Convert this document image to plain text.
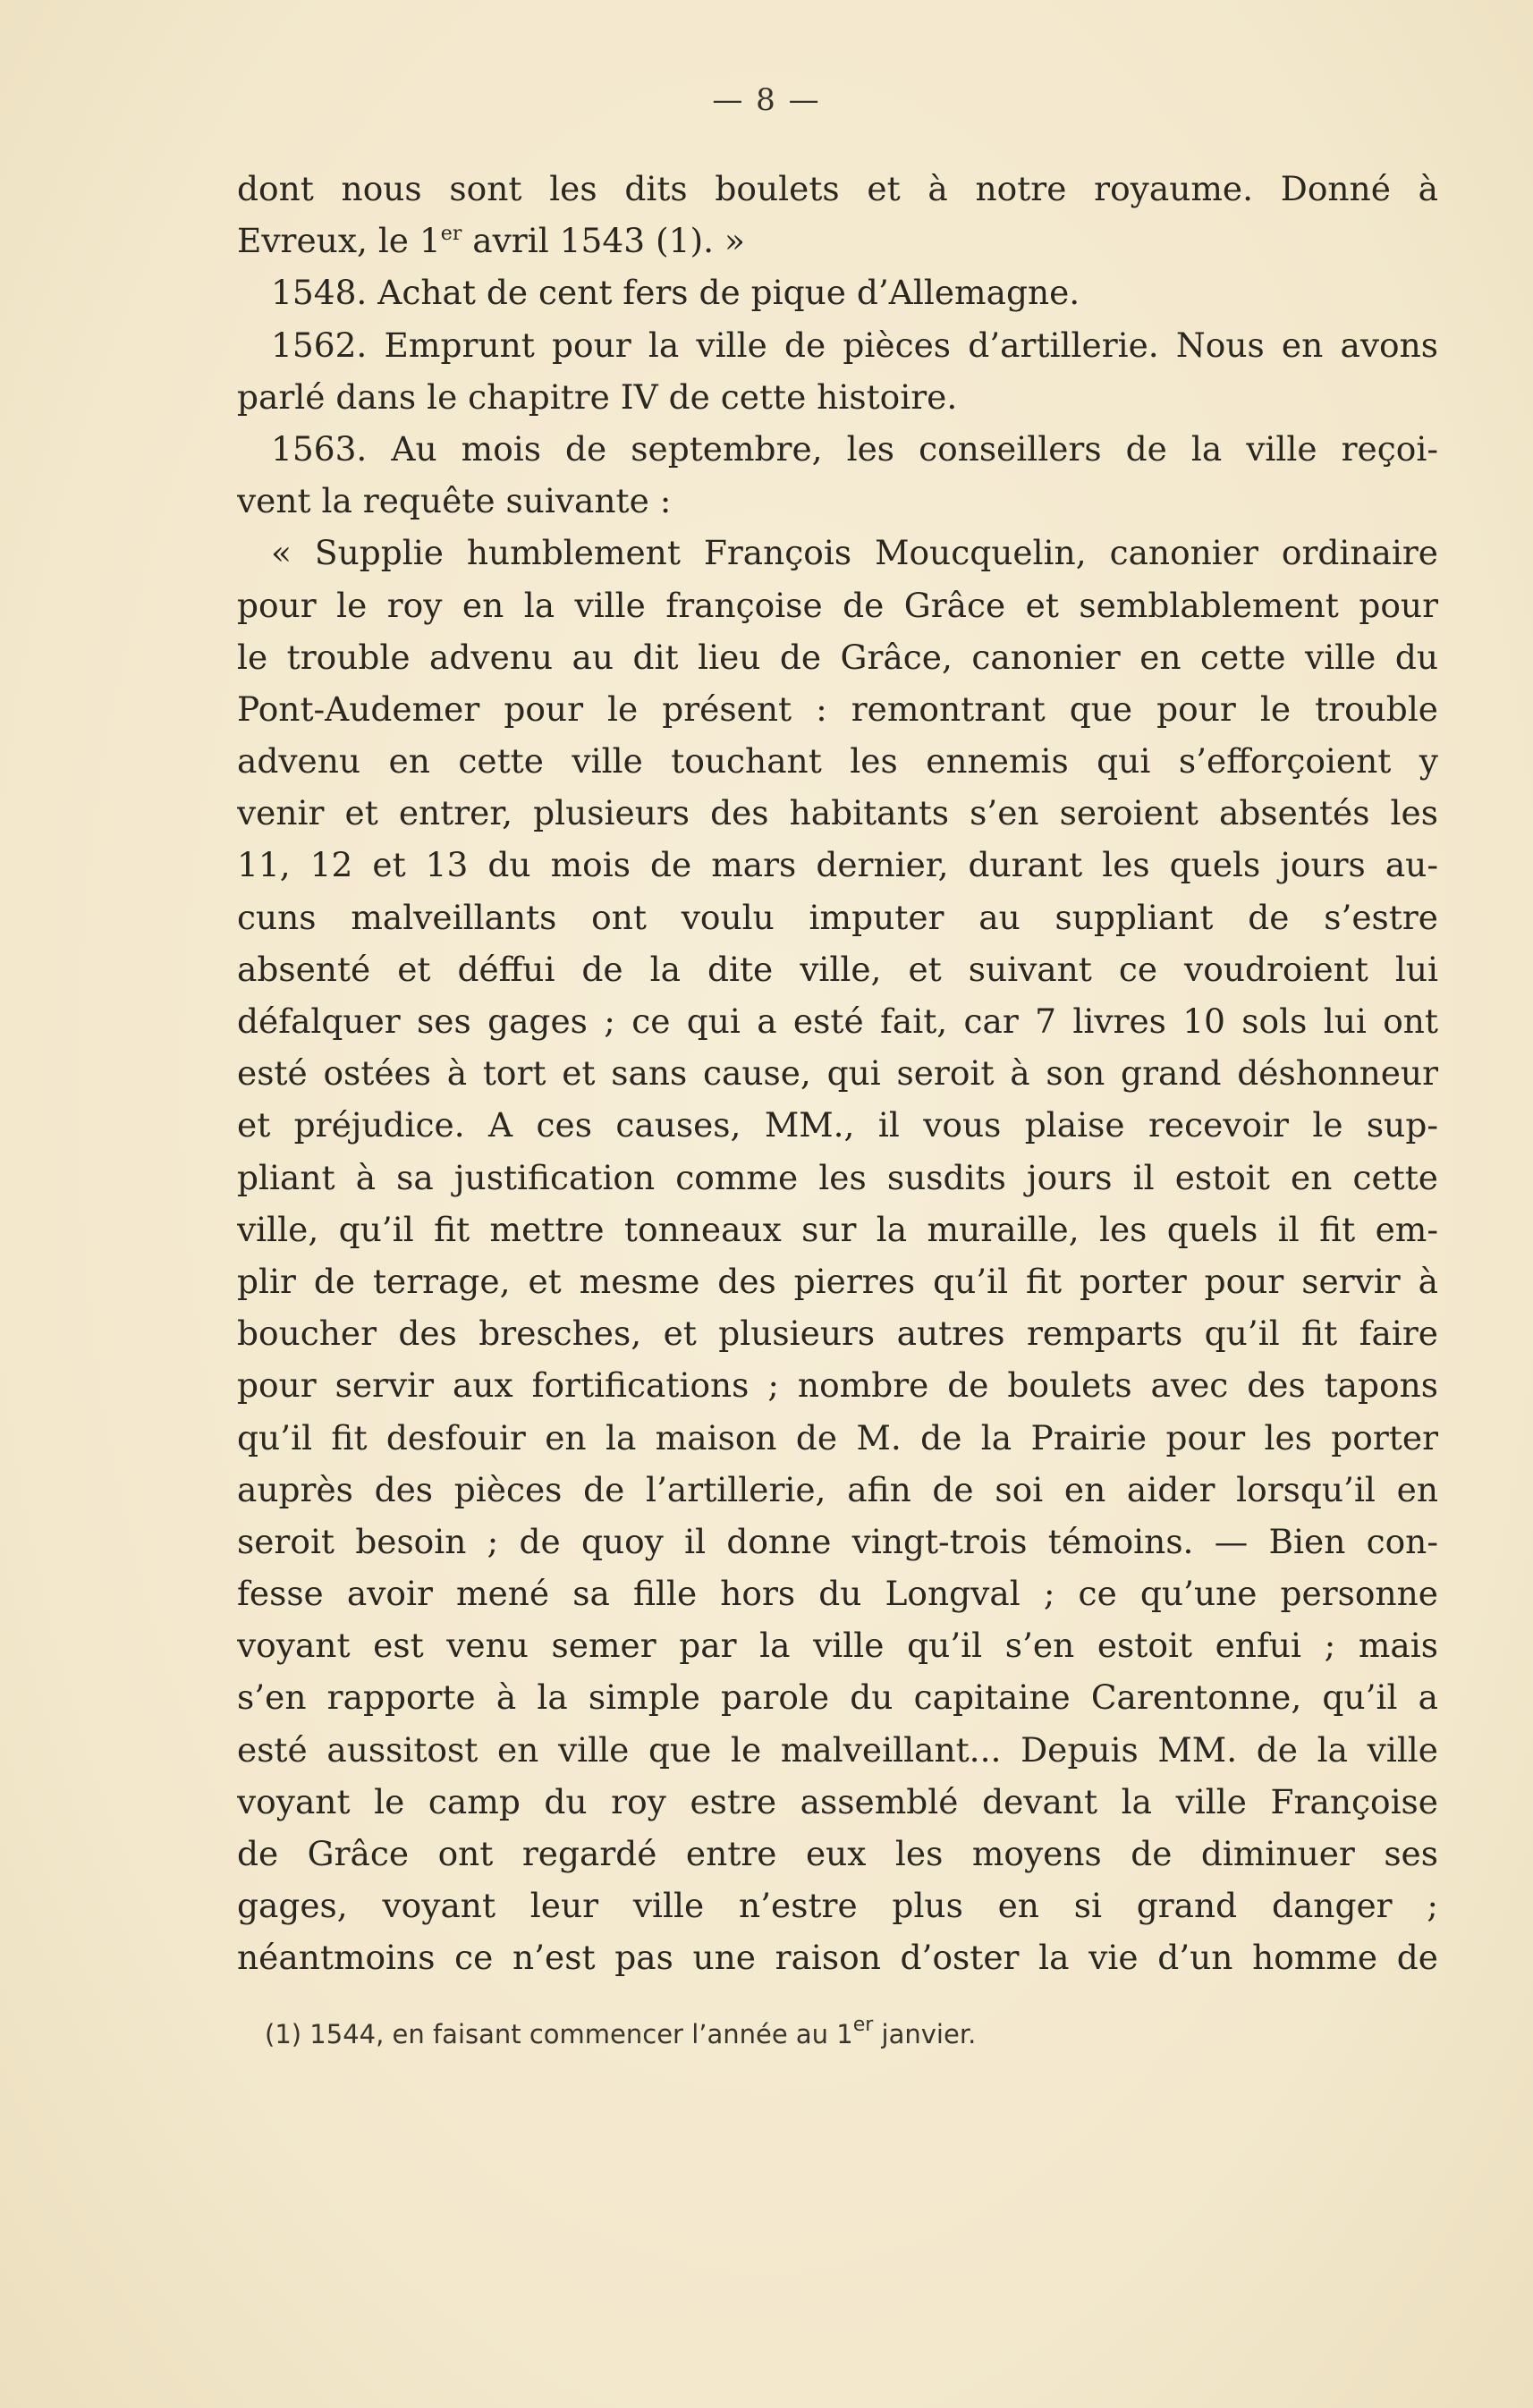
— 8 —
dont nous sont les dits boulets et à notre royaume. Donné à
Evreux, le 1er avril 1543 (1). »
1548. Achat de cent fers de pique d’Allemagne.
1562. Emprunt pour la ville de pièces d’artillerie. Nous en avons
parlé dans le chapitre IV de cette histoire.
1563. Au mois de septembre, les conseillers de la ville reçoi-
vent la requête suivante :
« Supplie humblement François Moucquelin, canonier ordinaire
pour le roy en la ville françoise de Grâce et semblablement pour
le trouble advenu au dit lieu de Grâce, canonier en cette ville du
Pont-Audemer pour le présent : remontrant que pour le trouble
advenu en cette ville touchant les ennemis qui s’efforçoient y
venir et entrer, plusieurs des habitants s’en seroient absentés les
11, 12 et 13 du mois de mars dernier, durant les quels jours au-
cuns malveillants ont voulu imputer au suppliant de s’estre
absenté et déffui de la dite ville, et suivant ce voudroient lui
défalquer ses gages ; ce qui a esté fait, car 7 livres 10 sols lui ont
esté ostées à tort et sans cause, qui seroit à son grand déshonneur
et préjudice. A ces causes, MM., il vous plaise recevoir le sup-
pliant à sa justification comme les susdits jours il estoit en cette
ville, qu’il fit mettre tonneaux sur la muraille, les quels il fit em-
plir de terrage, et mesme des pierres qu’il fit porter pour servir à
boucher des bresches, et plusieurs autres remparts qu’il fit faire
pour servir aux fortifications ; nombre de boulets avec des tapons
qu’il fit desfouir en la maison de M. de la Prairie pour les porter
auprès des pièces de l’artillerie, afin de soi en aider lorsqu’il en
seroit besoin ; de quoy il donne vingt-trois témoins. — Bien con-
fesse avoir mené sa fille hors du Longval ; ce qu’une personne
voyant est venu semer par la ville qu’il s’en estoit enfui ; mais
s’en rapporte à la simple parole du capitaine Carentonne, qu’il a
esté aussitost en ville que le malveillant... Depuis MM. de la ville
voyant le camp du roy estre assemblé devant la ville Françoise
de Grâce ont regardé entre eux les moyens de diminuer ses
gages, voyant leur ville n’estre plus en si grand danger ;
néantmoins ce n’est pas une raison d’oster la vie d’un homme de
(1) 1544, en faisant commencer l’année au 1er janvier.
